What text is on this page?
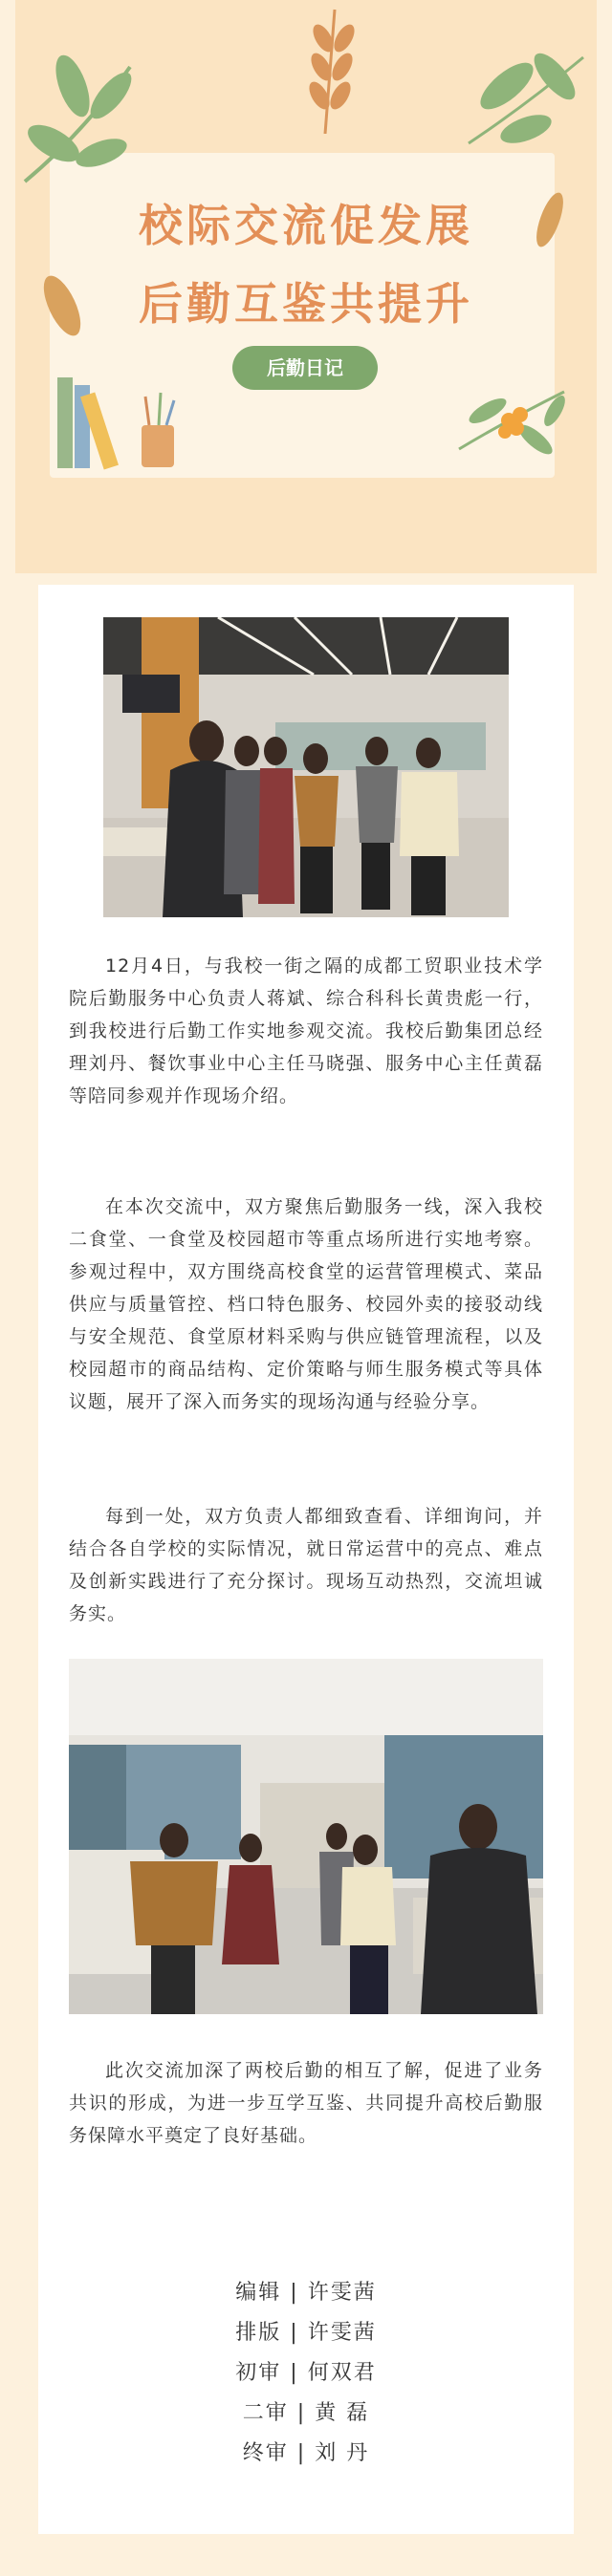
校际交流促发展
后勤互鉴共提升
后勤日记

12月4日，与我校一街之隔的成都工贸职业技术学院后勤服务中心负责人蒋斌、综合科科长黄贵彪一行，到我校进行后勤工作实地参观交流。我校后勤集团总经理刘丹、餐饮事业中心主任马晓强、服务中心主任黄磊等陪同参观并作现场介绍。

在本次交流中，双方聚焦后勤服务一线，深入我校二食堂、一食堂及校园超市等重点场所进行实地考察。参观过程中，双方围绕高校食堂的运营管理模式、菜品供应与质量管控、档口特色服务、校园外卖的接驳动线与安全规范、食堂原材料采购与供应链管理流程，以及校园超市的商品结构、定价策略与师生服务模式等具体议题，展开了深入而务实的现场沟通与经验分享。

每到一处，双方负责人都细致查看、详细询问，并结合各自学校的实际情况，就日常运营中的亮点、难点及创新实践进行了充分探讨。现场互动热烈，交流坦诚务实。

此次交流加深了两校后勤的相互了解，促进了业务共识的形成，为进一步互学互鉴、共同提升高校后勤服务保障水平奠定了良好基础。

编辑 | 许雯茜
排版 | 许雯茜
初审 | 何双君
二审 | 黄 磊
终审 | 刘 丹
